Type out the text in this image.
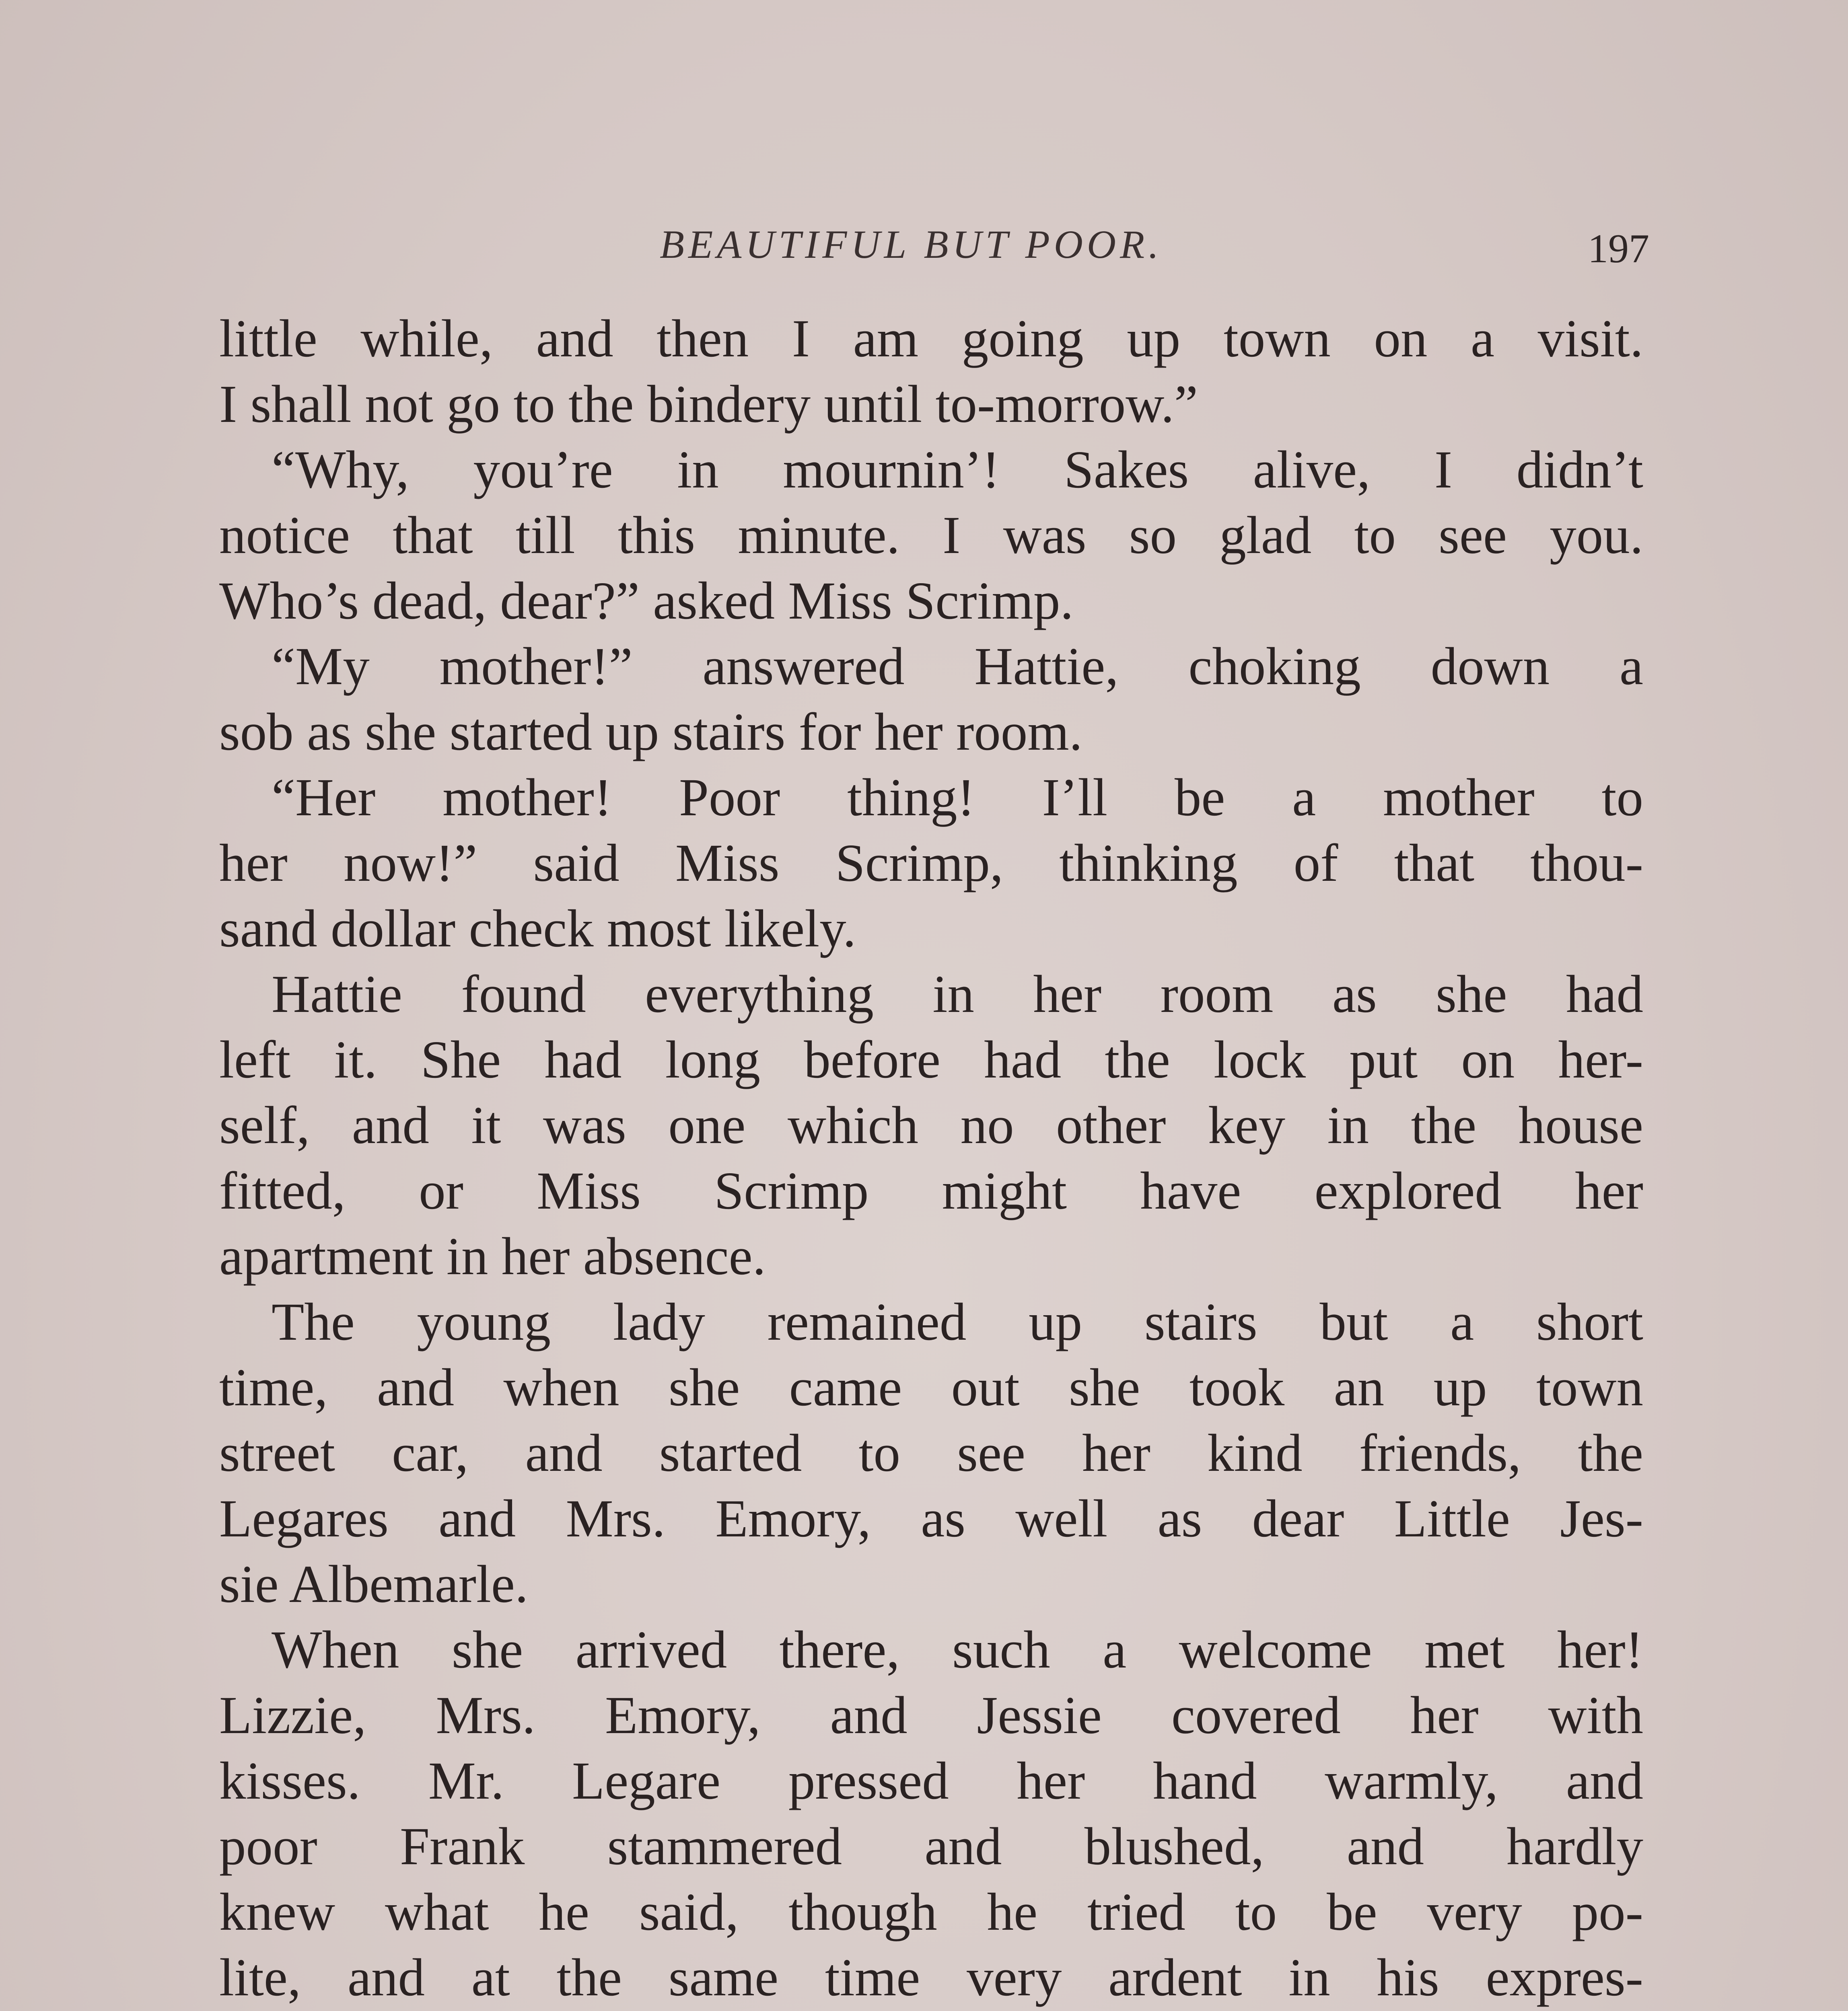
BEAUTIFUL BUT POOR.	197
little while, and then I am going up town on a visit.
I shall not go to the bindery until to-morrow.”
“Why, you’re in mournin’! Sakes alive, I didn’t
notice that till this minute. I was so glad to see you.
Who’s dead, dear?” asked Miss Scrimp.
“My mother!” answered Hattie, choking down a
sob as she started up stairs for her room.
“Her mother! Poor thing! I’ll be a mother to
her now!” said Miss Scrimp, thinking of that thou-
sand dollar check most likely.
Hattie found everything in her room as she had
left it. She had long before had the lock put on her-
self, and it was one which no other key in the house
fitted, or Miss Scrimp might have explored her
apartment in her absence.
The young lady remained up stairs but a short
time, and when she came out she took an up town
street car, and started to see her kind friends, the
Legares and Mrs. Emory, as well as dear Little Jes-
sie Albemarle.
When she arrived there, such a welcome met her!
Lizzie, Mrs. Emory, and Jessie covered her with
kisses. Mr. Legare pressed her hand warmly, and
poor Frank stammered and blushed, and hardly
knew what he said, though he tried to be very po-
lite, and at the same time very ardent in his expres-
